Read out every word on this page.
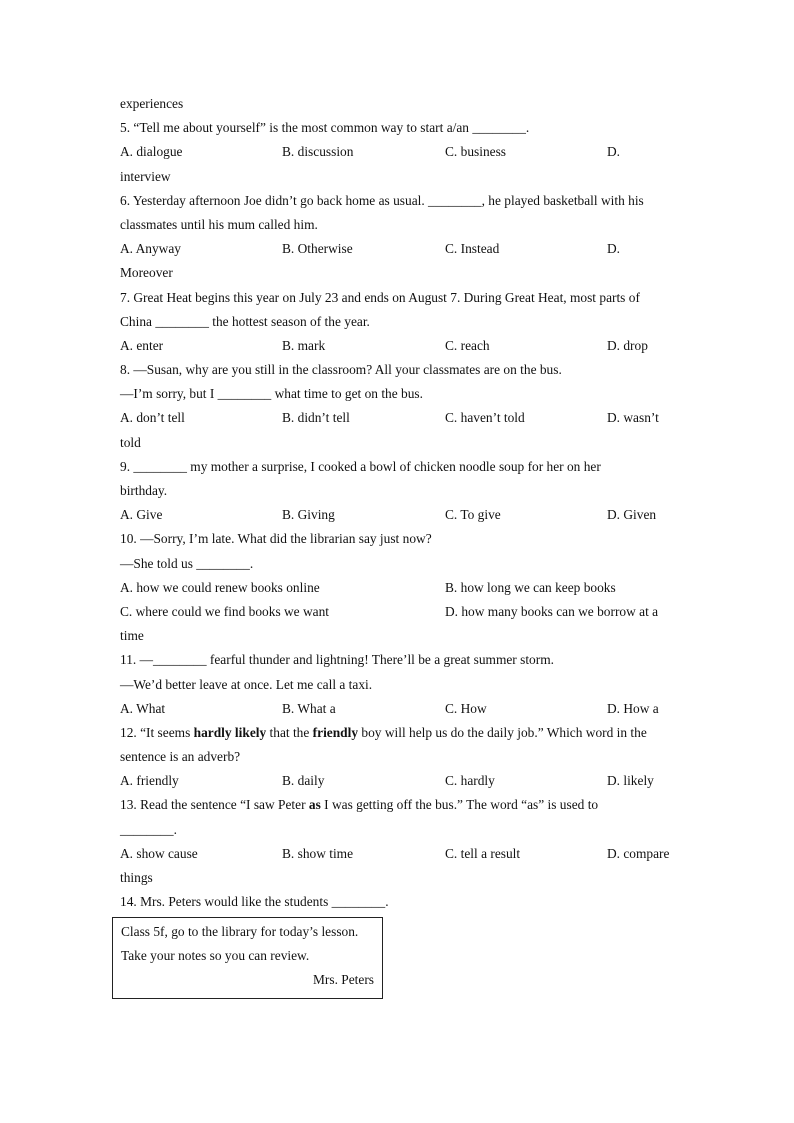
experiences
5. “Tell me about yourself” is the most common way to start a/an ________.
A. dialogue	B. discussion	C. business	D.
interview
6. Yesterday afternoon Joe didn’t go back home as usual. ________, he played basketball with his
classmates until his mum called him.
A. Anyway	B. Otherwise	C. Instead	D.
Moreover
7. Great Heat begins this year on July 23 and ends on August 7. During Great Heat, most parts of
China ________ the hottest season of the year.
A. enter	B. mark	C. reach	D. drop
8. —Susan, why are you still in the classroom? All your classmates are on the bus.
—I’m sorry, but I ________ what time to get on the bus.
A. don’t tell	B. didn’t tell	C. haven’t told	D. wasn’t
told
9. ________ my mother a surprise, I cooked a bowl of chicken noodle soup for her on her
birthday.
A. Give	B. Giving	C. To give	D. Given
10. —Sorry, I’m late. What did the librarian say just now?
—She told us ________.
A. how we could renew books online	B. how long we can keep books
C. where could we find books we want	D. how many books can we borrow at a
time
11. —________ fearful thunder and lightning! There’ll be a great summer storm.
—We’d better leave at once. Let me call a taxi.
A. What	B. What a	C. How	D. How a
12. “It seems hardly likely that the friendly boy will help us do the daily job.” Which word in the
sentence is an adverb?
A. friendly	B. daily	C. hardly	D. likely
13. Read the sentence “I saw Peter as I was getting off the bus.” The word “as” is used to
________.
A. show cause	B. show time	C. tell a result	D. compare
things
14. Mrs. Peters would like the students ________.
Class 5f, go to the library for today’s lesson.
Take your notes so you can review.
Mrs. Peters
